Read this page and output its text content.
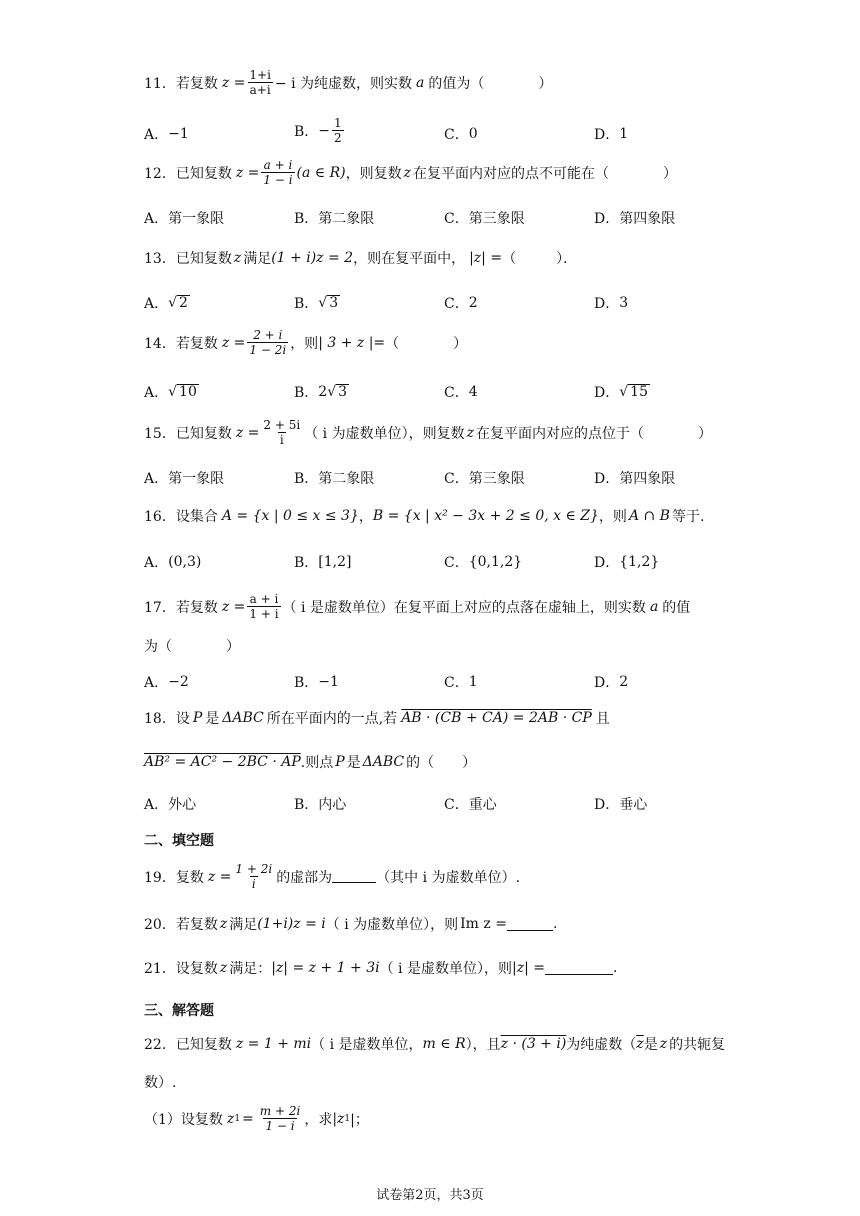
11． 若复数 $z = \frac{1+i}{a+i} - i$ 为纯虚数，则实数 a 的值为（	）
A． −1	B． − $\frac{1}{2}$	C． 0	D． 1
12． 已知复数 $z = \frac{a + i}{1 - i} (a$ ∈ R) ，则复数 z 在复平面内对应的点不可能在（	）
A． 第一象限	B． 第二象限	C． 第三象限	D． 第四象限
13． 已知复数 z 满足 (1 + i)z = 2 ，则在复平面中， |z| = （	）．
A． √ 2	B． √ 3	C． 2	D． 3
14． 若复数 $z = \frac{2 + i}{1 - 2i}$ ，则 | 3 + z |= （	）
A． √ 10	B． 2 √ 3	C． 4	D． √ 15
15． 已知复数 $z = \frac{2 + 5i}{i}$ （ i 为虚数单位），则复数 z 在复平面内对应的点位于（	）
A． 第一象限	B． 第二象限	C． 第三象限	D． 第四象限
16． 设集合 A = {x | 0 ≤ x ≤ 3} ， B = {x | x² − 3x + 2 ≤ 0, x ∈ Z} ，则 A ∩ B 等于.
A． (0,3)	B． [1,2]	C． {0,1,2}	D． {1,2}
17． 若复数 $z = \frac{a + i}{1 + i}$ （ i 是虚数单位）在复平面上对应的点落在虚轴上，则实数 a 的值
为（	）
A． −2	B． −1	C． 1	D． 2
18． 设 P 是 ΔABC 所在平面内的一点,若 AB · (CB + CA) = 2AB · CP 且
AB² = AC² − 2BC · AP .则点 P 是 ΔABC 的（ ）
A． 外心	B． 内心	C． 重心	D． 垂心
二、填空题
19． 复数 $z = \frac{1 + 2i}{i}$ 的虚部为	（其中 i 为虚数单位）.
20． 若复数 z 满足 (1+i)z = i （ i 为虚数单位），则 Im z =	.
21． 设复数 z 满足： |z| = z + 1 + 3i （ i 是虚数单位），则 |z| =	.
三、解答题
22． 已知复数 z = 1 + mi （ i 是虚数单位， m ∈ R ），且 z · (3 + i) 为纯虚数（ $\overline{z}$ 是 z 的共轭复
数）.
（1）设复数 z $1 = \frac{m + 2i}{1 - i}$ ，求 |z 1 |；
试卷第2页，共3页
